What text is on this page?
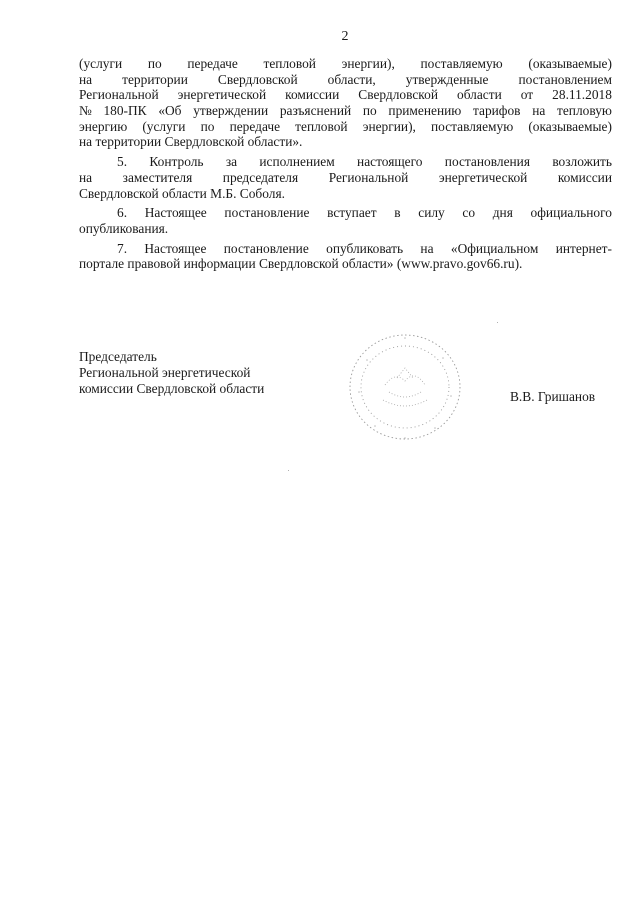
2
(услуги по передаче тепловой энергии), поставляемую (оказываемые)
на территории Свердловской области, утвержденные постановлением
Региональной энергетической комиссии Свердловской области от 28.11.2018
№ 180-ПК «Об утверждении разъяснений по применению тарифов на тепловую
энергию (услуги по передаче тепловой энергии), поставляемую (оказываемые)
на территории Свердловской области».
5. Контроль за исполнением настоящего постановления возложить
на заместителя председателя Региональной энергетической комиссии
Свердловской области М.Б. Соболя.
6. Настоящее постановление вступает в силу со дня официального
опубликования.
7. Настоящее постановление опубликовать на «Официальном интернет-
портале правовой информации Свердловской области» (www.pravo.gov66.ru).
Председатель
Региональной энергетической
комиссии Свердловской области
В.В. Гришанов
